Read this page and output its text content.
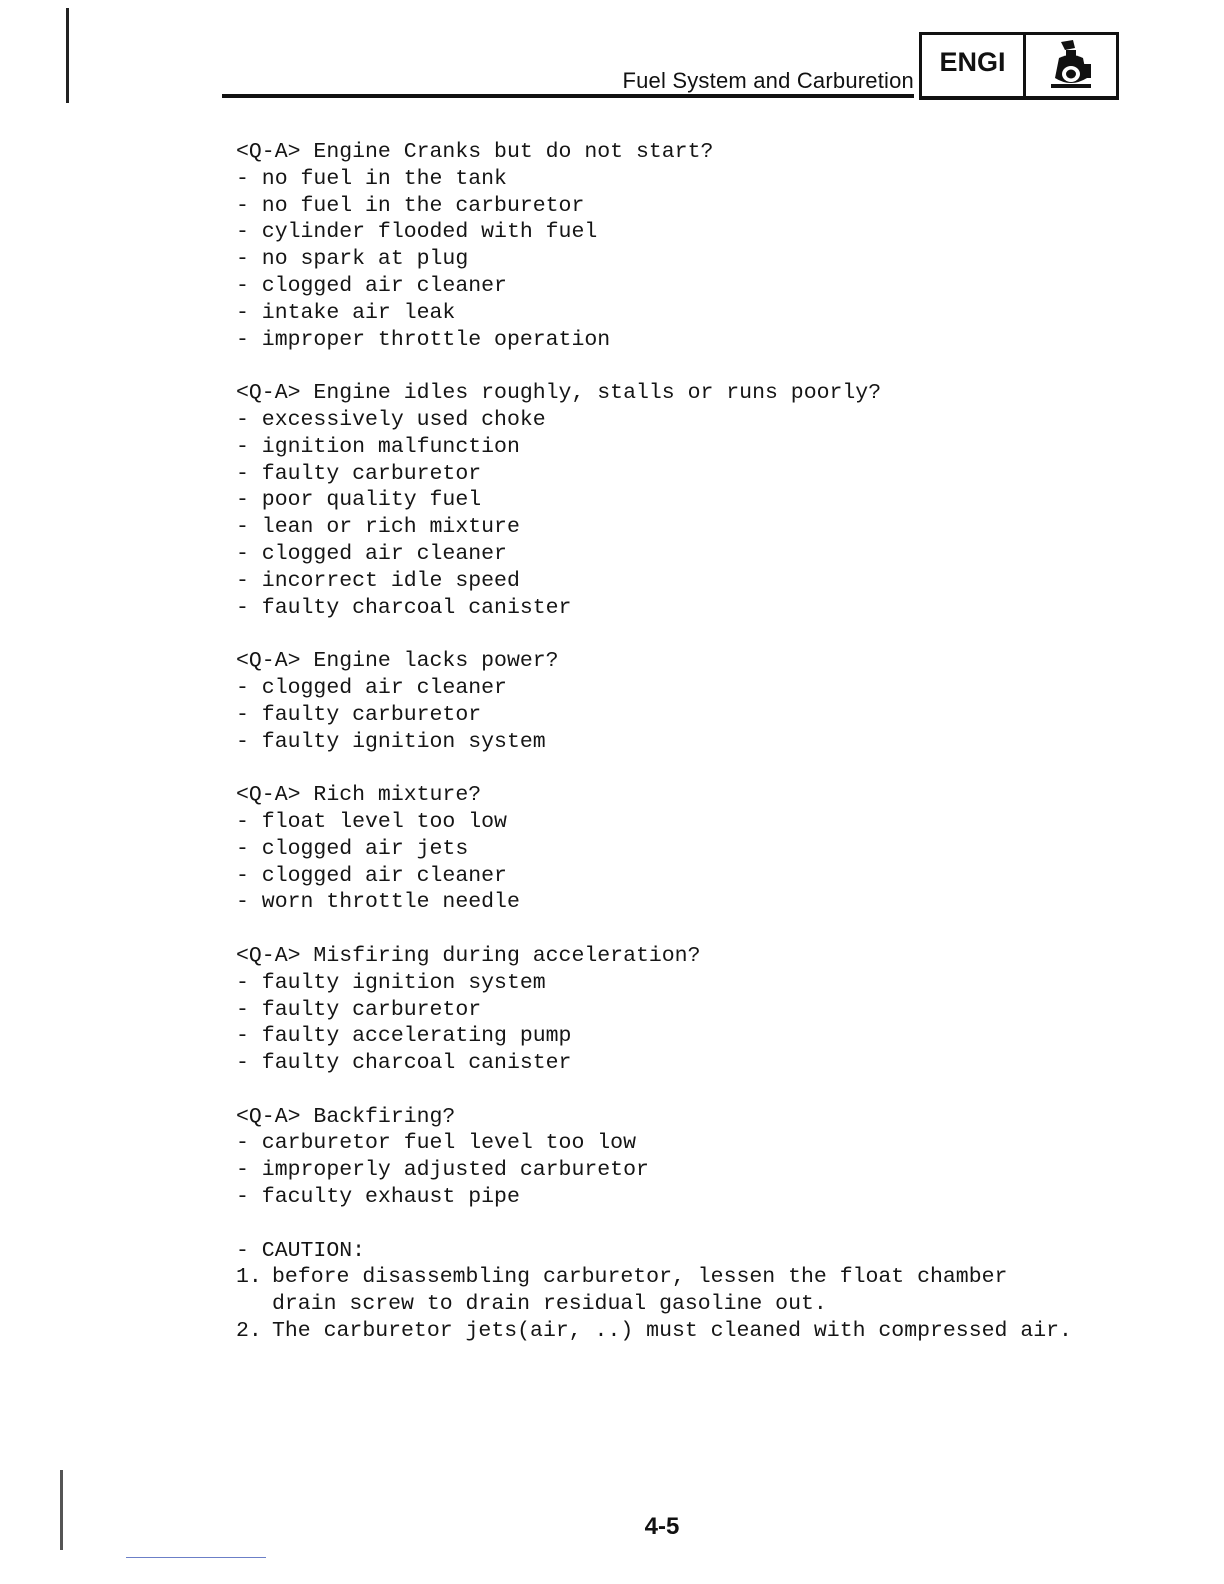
Fuel System and Carburetion
ENGI
<Q-A> Engine Cranks but do not start?
- no fuel in the tank
- no fuel in the carburetor
- cylinder flooded with fuel
- no spark at plug
- clogged air cleaner
- intake air leak
- improper throttle operation
<Q-A> Engine idles roughly, stalls or runs poorly?
- excessively used choke
- ignition malfunction
- faulty carburetor
- poor quality fuel
- lean or rich mixture
- clogged air cleaner
- incorrect idle speed
- faulty charcoal canister
<Q-A> Engine lacks power?
- clogged air cleaner
- faulty carburetor
- faulty ignition system
<Q-A> Rich mixture?
- float level too low
- clogged air jets
- clogged air cleaner
- worn throttle needle
<Q-A> Misfiring during acceleration?
- faulty ignition system
- faulty carburetor
- faulty accelerating pump
- faulty charcoal canister
<Q-A> Backfiring?
- carburetor fuel level too low
- improperly adjusted carburetor
- faculty exhaust pipe
- CAUTION:
1. before disassembling carburetor, lessen the float chamber
drain screw to drain residual gasoline out.
2. The carburetor jets(air, ..) must cleaned with compressed air.
4-5
